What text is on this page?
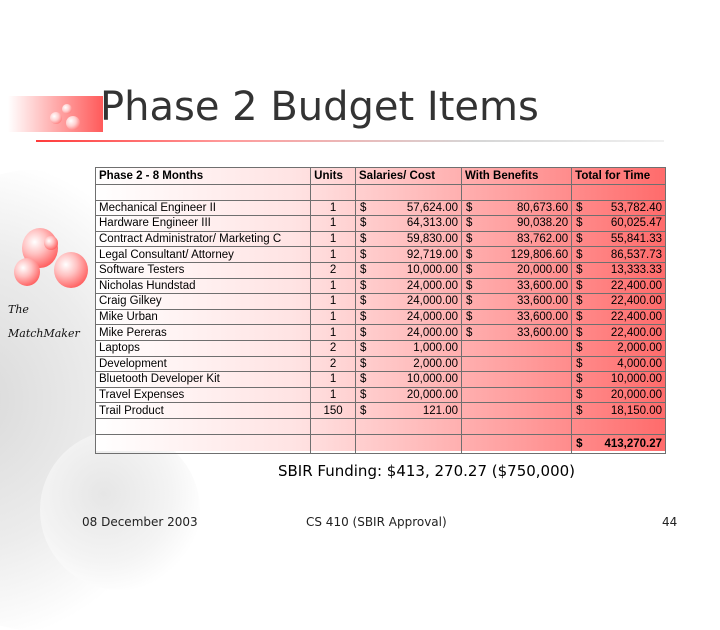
Phase 2 Budget Items
The
MatchMaker
Phase 2 - 8 Months	Units	Salaries/ Cost	With Benefits	Total for Time

Mechanical Engineer II	1	$ 57,624.00	$ 80,673.60	$ 53,782.40

Hardware Engineer III	1	$ 64,313.00	$ 90,038.20	$ 60,025.47

Contract Administrator/ Marketing C	1	$ 59,830.00	$ 83,762.00	$ 55,841.33

Legal Consultant/ Attorney	1	$ 92,719.00	$ 129,806.60	$ 86,537.73

Software Testers	2	$ 10,000.00	$ 20,000.00	$ 13,333.33

Nicholas Hundstad	1	$ 24,000.00	$ 33,600.00	$ 22,400.00

Craig Gilkey	1	$ 24,000.00	$ 33,600.00	$ 22,400.00

Mike Urban	1	$ 24,000.00	$ 33,600.00	$ 22,400.00

Mike Pereras	1	$ 24,000.00	$ 33,600.00	$ 22,400.00

Laptops	2	$ 1,000.00		$ 2,000.00

Development	2	$ 2,000.00		$ 4,000.00

Bluetooth Developer Kit	1	$ 10,000.00		$ 10,000.00

Travel Expenses	1	$ 20,000.00		$ 20,000.00

Trail Product	150	$ 121.00		$ 18,150.00

				$ 413,270.27

SBIR Funding: $413, 270.27 ($750,000)

08 December 2003	CS 410 (SBIR Approval)	44
